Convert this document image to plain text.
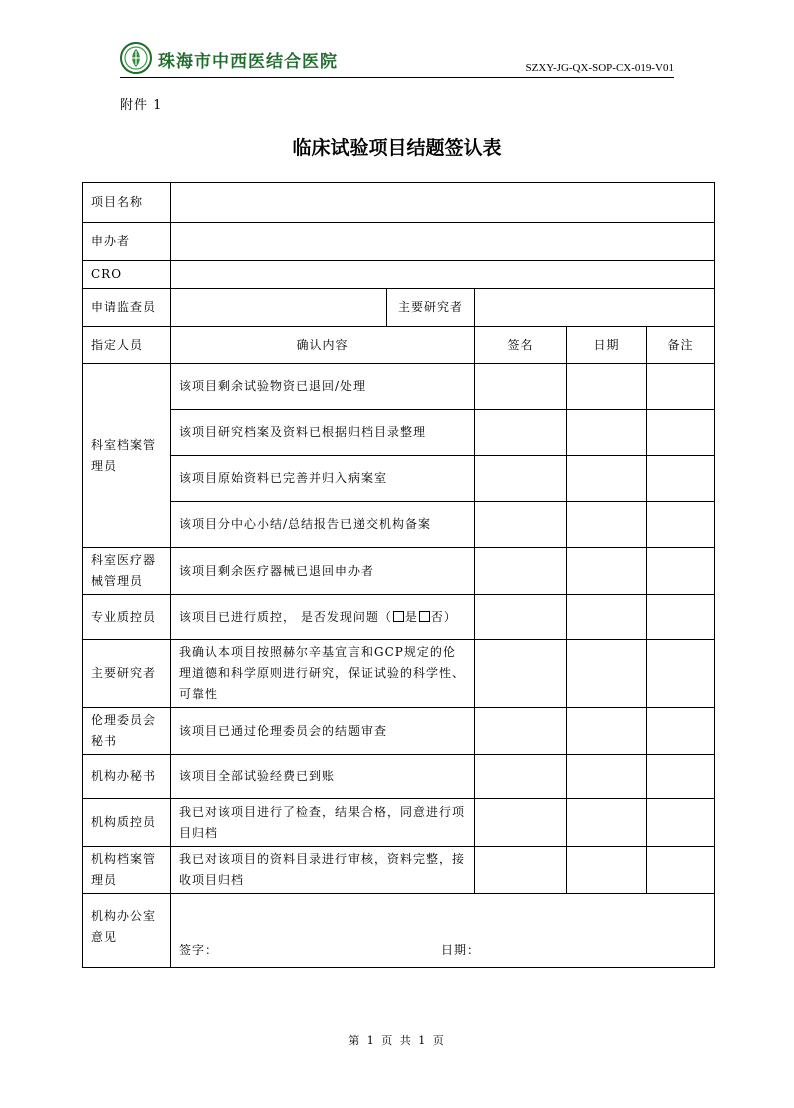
珠海市中西医结合医院	SZXY-JG-QX-SOP-CX-019-V01
附件 1
临床试验项目结题签认表
项目名称					
申办者					
CRO					
申请监查员		主要研究者			
指定人员	确认内容		签名	日期	备注
科室档案管理员	该项目剩余试验物资已退回/处理				
	该项目研究档案及资料已根据归档目录整理				
	该项目原始资料已完善并归入病案室				
	该项目分中心小结/总结报告已递交机构备案				
科室医疗器械管理员	该项目剩余医疗器械已退回申办者				
专业质控员	该项目已进行质控， 是否发现问题（ 是 否）				
主要研究者	我确认本项目按照赫尔辛基宣言和GCP规定的伦理道德和科学原则进行研究，保证试验的科学性、可靠性				
伦理委员会秘书	该项目已通过伦理委员会的结题审查				
机构办秘书	该项目全部试验经费已到账				
机构质控员	我已对该项目进行了检查，结果合格，同意进行项目归档				
机构档案管理员	我已对该项目的资料目录进行审核，资料完整，接收项目归档				
机构办公室意见	签字： 日期：				
第 1 页 共 1 页
